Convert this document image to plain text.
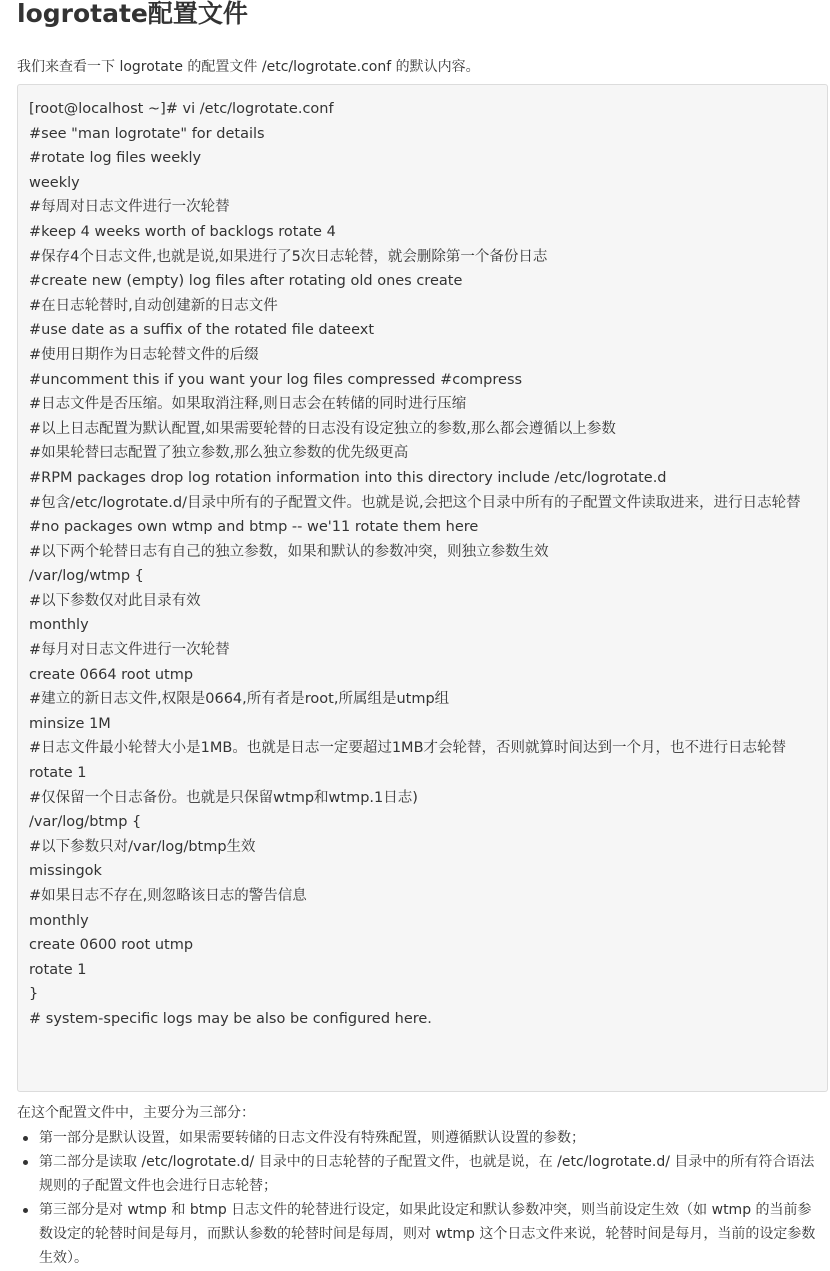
logrotate配置文件

我们来查看一下 logrotate 的配置文件 /etc/logrotate.conf 的默认内容。

[root@localhost ~]# vi /etc/logrotate.conf
#see "man logrotate" for details
#rotate log files weekly
weekly
#每周对日志文件进行一次轮替
#keep 4 weeks worth of backlogs rotate 4
#保存4个日志文件,也就是说,如果进行了5次日志轮替，就会删除第一个备份日志
#create new (empty) log files after rotating old ones create
#在日志轮替时,自动创建新的日志文件
#use date as a suffix of the rotated file dateext
#使用日期作为日志轮替文件的后缀
#uncomment this if you want your log files compressed #compress
#日志文件是否压缩。如果取消注释,则日志会在转储的同时进行压缩
#以上日志配置为默认配置,如果需要轮替的日志没有设定独立的参数,那么都会遵循以上参数
#如果轮替曰志配置了独立参数,那么独立参数的优先级更高
#RPM packages drop log rotation information into this directory include /etc/logrotate.d
#包含/etc/logrotate.d/目录中所有的子配置文件。也就是说,会把这个目录中所有的子配置文件读取进来，进行日志轮替
#no packages own wtmp and btmp -- we'11 rotate them here
#以下两个轮替日志有自己的独立参数，如果和默认的参数冲突，则独立参数生效
/var/log/wtmp {
#以下参数仅对此目录有效
monthly
#每月对日志文件进行一次轮替
create 0664 root utmp
#建立的新日志文件,权限是0664,所有者是root,所属组是utmp组
minsize 1M
#日志文件最小轮替大小是1MB。也就是日志一定要超过1MB才会轮替，否则就算时间达到一个月，也不进行日志轮替
rotate 1
#仅保留一个日志备份。也就是只保留wtmp和wtmp.1日志)
/var/log/btmp {
#以下参数只对/var/log/btmp生效
missingok
#如果日志不存在,则忽略该日志的警告信息
monthly
create 0600 root utmp
rotate 1
}
# system-specific logs may be also be configured here.

在这个配置文件中，主要分为三部分：

第一部分是默认设置，如果需要转储的日志文件没有特殊配置，则遵循默认设置的参数；
第二部分是读取 /etc/logrotate.d/ 目录中的日志轮替的子配置文件，也就是说，在 /etc/logrotate.d/ 目录中的所有符合语法规则的子配置文件也会进行日志轮替；
第三部分是对 wtmp 和 btmp 日志文件的轮替进行设定，如果此设定和默认参数冲突，则当前设定生效（如 wtmp 的当前参数设定的轮替时间是每月，而默认参数的轮替时间是每周，则对 wtmp 这个日志文件来说，轮替时间是每月，当前的设定参数生效）。
